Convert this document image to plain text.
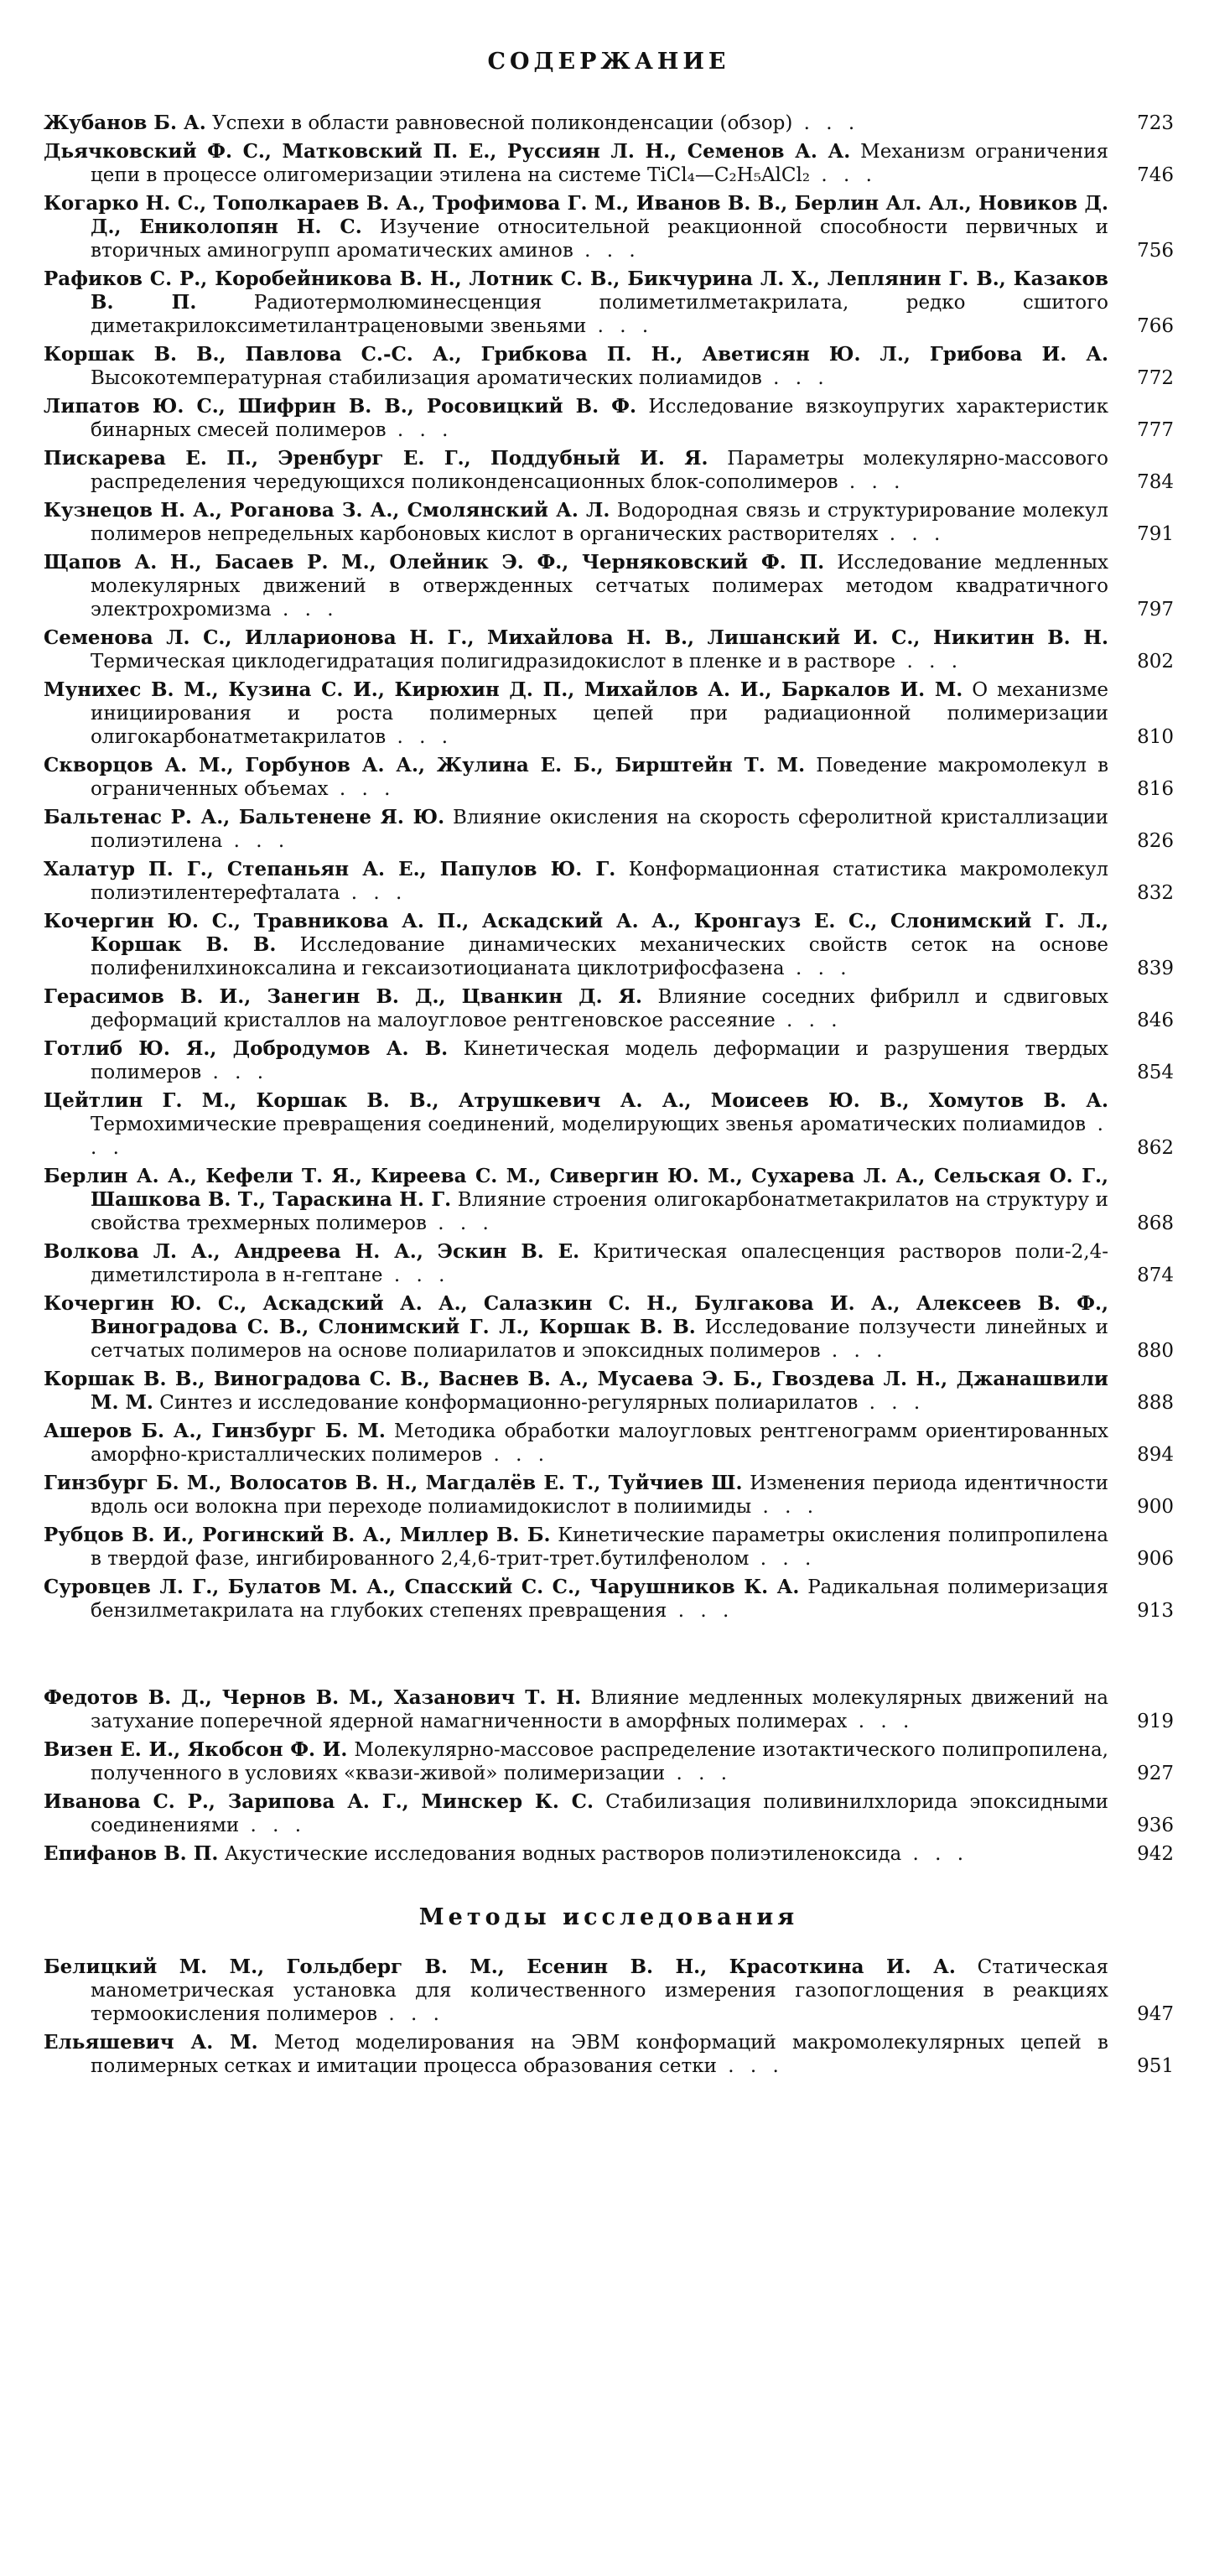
СОДЕРЖАНИЕ
Жубанов Б. А. Успехи в области равновесной поликонденсации (обзор) . . .	723
Дьячковский Ф. С., Матковский П. Е., Руссиян Л. Н., Семенов А. А. Механизм ограничения цепи в процессе олигомеризации этилена на системе TiCl₄—C₂H₅AlCl₂ . . .	746
Когарко Н. С., Тополкараев В. А., Трофимова Г. М., Иванов В. В., Берлин Ал. Ал., Новиков Д. Д., Ениколопян Н. С. Изучение относительной реакционной способности первичных и вторичных аминогрупп ароматических аминов . . .	756
Рафиков С. Р., Коробейникова В. Н., Лотник С. В., Бикчурина Л. Х., Леплянин Г. В., Казаков В. П.	Радиотермолюминесценция полиметилметакрилата, редко сшитого диметакрилоксиметилантраценовыми звеньями . . .	766
Коршак В. В., Павлова С.-С. А., Грибкова П. Н., Аветисян Ю. Л., Грибова И. А. Высокотемпературная стабилизация ароматических полиамидов . . .	772
Липатов Ю. С., Шифрин В. В., Росовицкий В. Ф. Исследование вязкоупругих характеристик бинарных смесей полимеров . . .	777
Пискарева Е. П., Эренбург Е. Г., Поддубный И. Я. Параметры молекулярно-массового распределения чередующихся поликонденсационных блок-сополимеров . . .	784
Кузнецов Н. А., Роганова З. А., Смолянский А. Л. Водородная связь и структурирование молекул полимеров непредельных карбоновых кислот в органических растворителях . . .	791
Щапов А. Н., Басаев Р. М., Олейник Э. Ф., Черняковский Ф. П. Исследование медленных молекулярных движений в отвержденных сетчатых полимерах методом квадратичного электрохромизма . . .	797
Семенова Л. С., Илларионова Н. Г., Михайлова Н. В., Лишанский И. С., Никитин В. Н. Термическая циклодегидратация полигидразидокислот в пленке и в растворе . . .	802
Мунихес В. М., Кузина С. И., Кирюхин Д. П., Михайлов А. И., Баркалов И. М. О механизме инициирования и роста полимерных цепей при радиационной полимеризации олигокарбонатметакрилатов . . .	810
Скворцов А. М., Горбунов А. А., Жулина Е. Б., Бирштейн Т. М. Поведение макромолекул в ограниченных объемах . . .	816
Бальтенас Р. А., Бальтенене Я. Ю. Влияние окисления на скорость сферолитной кристаллизации полиэтилена . . .	826
Халатур П. Г., Степаньян А. Е., Папулов Ю. Г. Конформационная статистика макромолекул полиэтилентерефталата . . .	832
Кочергин Ю. С., Травникова А. П., Аскадский А. А., Кронгауз Е. С., Слонимский Г. Л., Коршак В. В. Исследование динамических механических свойств сеток на основе полифенилхиноксалина и гексаизотиоцианата циклотрифосфазена . . .	839
Герасимов В. И., Занегин В. Д., Цванкин Д. Я. Влияние соседних фибрилл и сдвиговых деформаций кристаллов на малоугловое рентгеновское рассеяние . . .	846
Готлиб Ю. Я., Добродумов А. В. Кинетическая модель деформации и разрушения твердых полимеров . . .	854
Цейтлин Г. М., Коршак В. В., Атрушкевич А. А., Моисеев Ю. В., Хомутов В. А. Термохимические превращения соединений, моделирующих звенья ароматических полиамидов . . .	862
Берлин А. А., Кефели Т. Я., Киреева С. М., Сивергин Ю. М., Сухарева Л. А., Сельская О. Г., Шашкова В. Т., Тараскина Н. Г. Влияние строения олигокарбонатметакрилатов на структуру и свойства трехмерных полимеров . . .	868
Волкова Л. А., Андреева Н. А., Эскин В. Е. Критическая опалесценция растворов поли-2,4-диметилстирола в н-гептане . . .	874
Кочергин Ю. С., Аскадский А. А., Салазкин С. Н., Булгакова И. А., Алексеев В. Ф., Виноградова С. В., Слонимский Г. Л., Коршак В. В. Исследование ползучести линейных и сетчатых полимеров на основе полиарилатов и эпоксидных полимеров . . .	880
Коршак В. В., Виноградова С. В., Васнев В. А., Мусаева Э. Б., Гвоздева Л. Н., Джанашвили М. М. Синтез и исследование конформационно-регулярных полиарилатов . . .	888
Ашеров Б. А., Гинзбург Б. М. Методика обработки малоугловых рентгенограмм ориентированных аморфно-кристаллических полимеров . . .	894
Гинзбург Б. М., Волосатов В. Н., Магдалёв Е. Т., Туйчиев Ш. Изменения периода идентичности вдоль оси волокна при переходе полиамидокислот в полиимиды . . .	900
Рубцов В. И., Рогинский В. А., Миллер В. Б. Кинетические параметры окисления полипропилена в твердой фазе, ингибированного 2,4,6-трит-трет.бутилфенолом . . .	906
Суровцев Л. Г., Булатов М. А., Спасский С. С., Чарушников К. А. Радикальная полимеризация бензилметакрилата на глубоких степенях превращения . . .	913
Федотов В. Д., Чернов В. М., Хазанович Т. Н. Влияние медленных молекулярных движений на затухание поперечной ядерной намагниченности в аморфных полимерах . . .	919
Визен Е. И., Якобсон Ф. И. Молекулярно-массовое распределение изотактического полипропилена, полученного в условиях «квази-живой» полимеризации . . .	927
Иванова С. Р., Зарипова А. Г., Минскер К. С. Стабилизация поливинилхлорида эпоксидными соединениями . . .	936
Епифанов В. П. Акустические исследования водных растворов полиэтиленоксида . . .	942
Методы исследования
Белицкий М. М., Гольдберг В. М., Есенин В. Н., Красоткина И. А. Статическая манометрическая установка для количественного измерения газопоглощения в реакциях термоокисления полимеров . . .	947
Ельяшевич А. М. Метод моделирования на ЭВМ конформаций макромолекулярных цепей в полимерных сетках и имитации процесса образования сетки . . .	951
